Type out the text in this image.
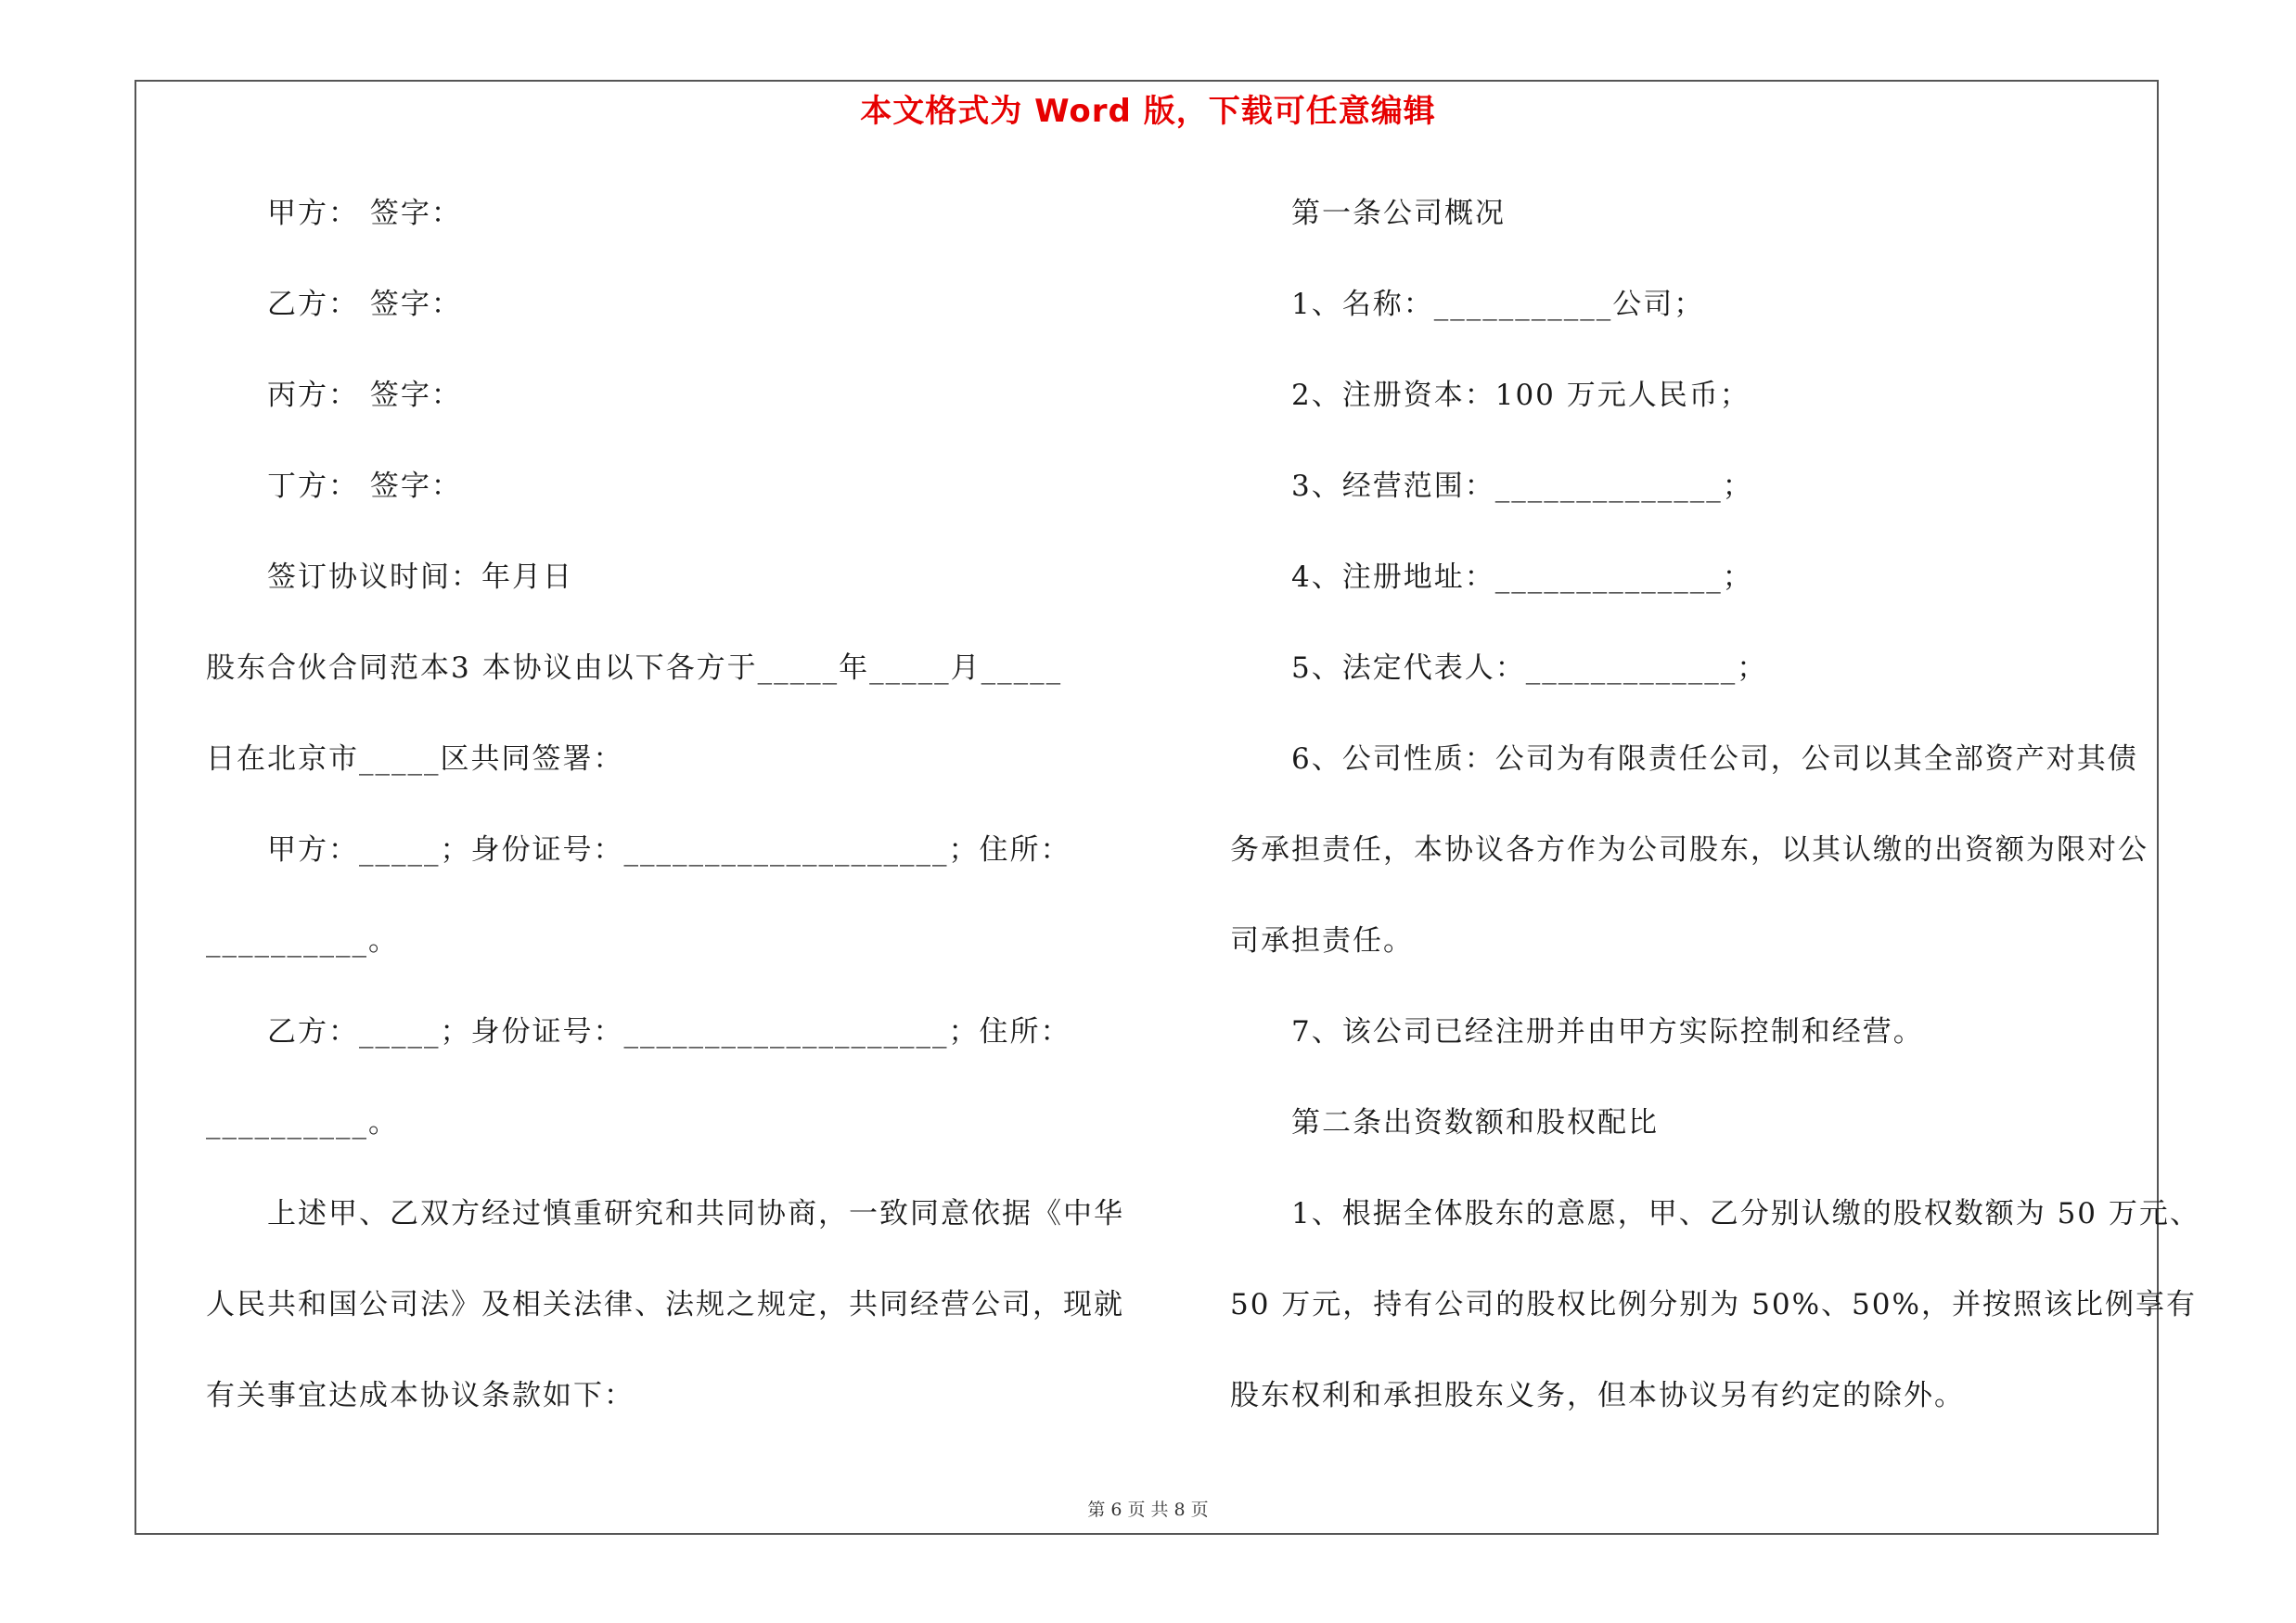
本文格式为 Word 版，下载可任意编辑
甲方： 签字：
乙方： 签字：
丙方： 签字：
丁方： 签字：
签订协议时间：年月日
股东合伙合同范本3 本协议由以下各方于_____年_____月_____
日在北京市_____区共同签署：
甲方：_____；身份证号：____________________；住所：
__________。
乙方：_____；身份证号：____________________；住所：
__________。
上述甲、乙双方经过慎重研究和共同协商，一致同意依据《中华
人民共和国公司法》及相关法律、法规之规定，共同经营公司，现就
有关事宜达成本协议条款如下：
第一条公司概况
1、名称：___________公司；
2、注册资本：100 万元人民币；
3、经营范围：______________；
4、注册地址：______________；
5、法定代表人：_____________；
6、公司性质：公司为有限责任公司，公司以其全部资产对其债
务承担责任，本协议各方作为公司股东，以其认缴的出资额为限对公
司承担责任。
7、该公司已经注册并由甲方实际控制和经营。
第二条出资数额和股权配比
1、根据全体股东的意愿，甲、乙分别认缴的股权数额为 50 万元、
50 万元，持有公司的股权比例分别为 50%、50%，并按照该比例享有
股东权利和承担股东义务，但本协议另有约定的除外。
第 6 页 共 8 页
